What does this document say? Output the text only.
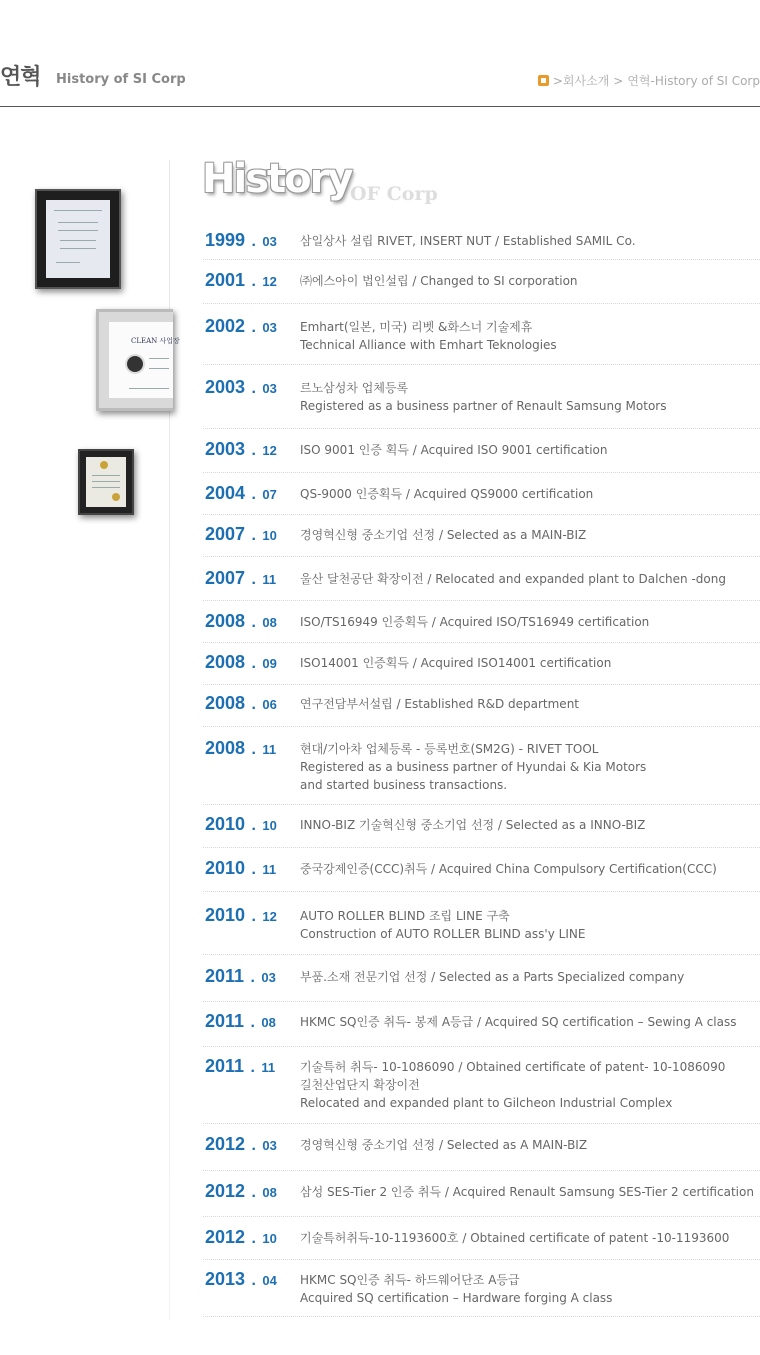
연혁 History of SI Corp	>회사소개 > 연혁-History of SI Corp
CLEAN 사업장
History
OF Corp
1999 . 03 삼일상사 설립 RIVET, INSERT NUT / Established SAMIL Co.
2001 . 12 ㈜에스아이 법인설립 / Changed to SI corporation
2002 . 03 Emhart(일본, 미국) 리벳 &화스너 기술제휴
Technical Alliance with Emhart Teknologies
2003 . 03 르노삼성차 업체등록
Registered as a business partner of Renault Samsung Motors
2003 . 12 ISO 9001 인증 획득 / Acquired ISO 9001 certification
2004 . 07 QS-9000 인증획득 / Acquired QS9000 certification
2007 . 10 경영혁신형 중소기업 선정 / Selected as a MAIN-BIZ
2007 . 11 울산 달천공단 확장이전 / Relocated and expanded plant to Dalchen -dong
2008 . 08 ISO/TS16949 인증획득 / Acquired ISO/TS16949 certification
2008 . 09 ISO14001 인증획득 / Acquired ISO14001 certification
2008 . 06 연구전담부서설립 / Established R&D department
2008 . 11 현대/기아차 업체등록 - 등록번호(SM2G) - RIVET TOOL
Registered as a business partner of Hyundai & Kia Motors
and started business transactions.
2010 . 10 INNO-BIZ 기술혁신형 중소기업 선정 / Selected as a INNO-BIZ
2010 . 11 중국강제인증(CCC)취득 / Acquired China Compulsory Certification(CCC)
2010 . 12 AUTO ROLLER BLIND 조립 LINE 구축
Construction of AUTO ROLLER BLIND ass'y LINE
2011 . 03 부품.소재 전문기업 선정 / Selected as a Parts Specialized company
2011 . 08 HKMC SQ인증 취득- 봉제 A등급 / Acquired SQ certification – Sewing A class
2011 . 11 기술특허 취득- 10-1086090 / Obtained certificate of patent- 10-1086090
길천산업단지 확장이전
Relocated and expanded plant to Gilcheon Industrial Complex
2012 . 03 경영혁신형 중소기업 선정 / Selected as A MAIN-BIZ
2012 . 08 삼성 SES-Tier 2 인증 취득 / Acquired Renault Samsung SES-Tier 2 certification
2012 . 10 기술특허취득-10-1193600호 / Obtained certificate of patent -10-1193600
2013 . 04 HKMC SQ인증 취득- 하드웨어단조 A등급
Acquired SQ certification – Hardware forging A class
